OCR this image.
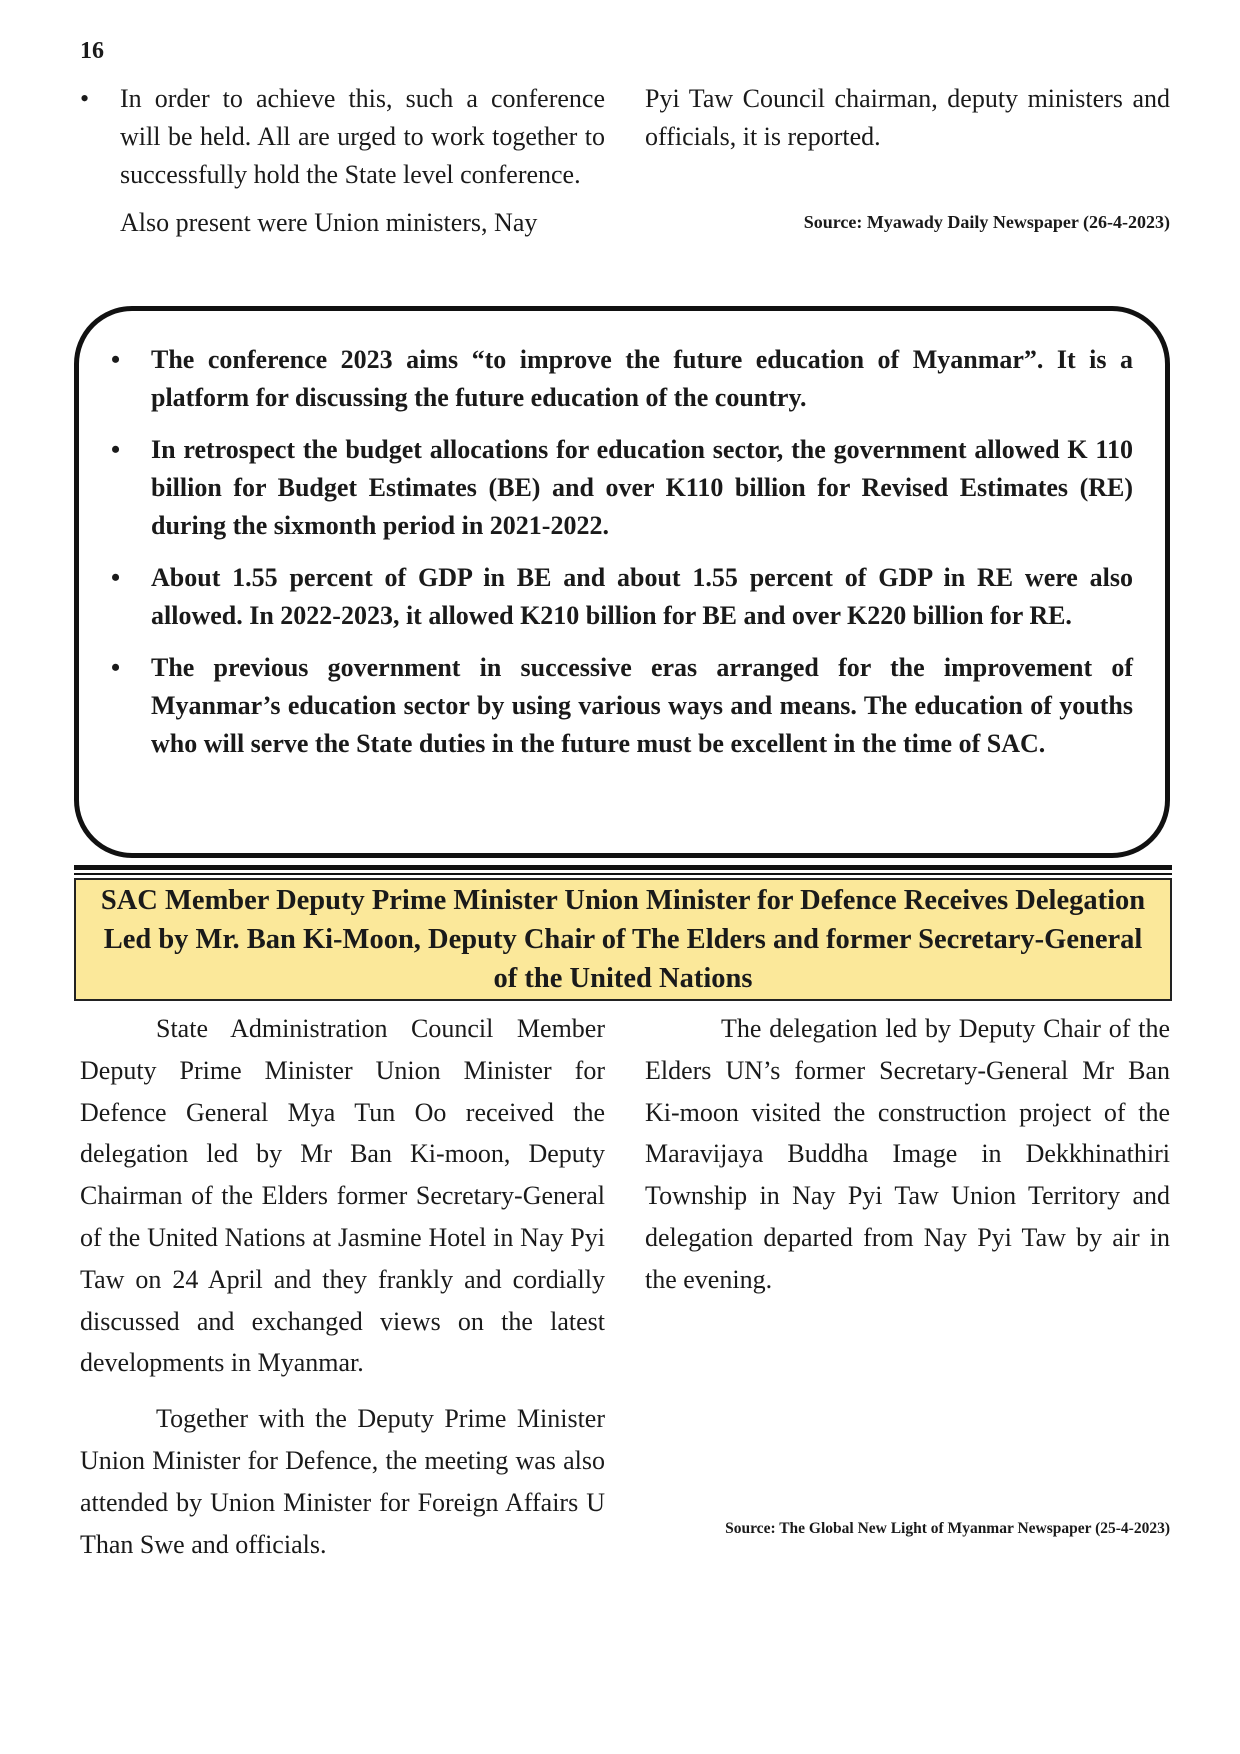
16
• In order to achieve this, such a conference will be held. All are urged to work together to successfully hold the State level conference.

Also present were Union ministers, Nay

Pyi Taw Council chairman, deputy ministers and officials, it is reported.

Source: Myawady Daily Newspaper (26-4-2023)
• The conference 2023 aims “to improve the future education of Myanmar”. It is a platform for discussing the future education of the country.
• In retrospect the budget allocations for education sector, the government allowed K 110 billion for Budget Estimates (BE) and over K110 billion for Revised Estimates (RE) during the sixmonth period in 2021-2022.
• About 1.55 percent of GDP in BE and about 1.55 percent of GDP in RE were also allowed. In 2022-2023, it allowed K210 billion for BE and over K220 billion for RE.
• The previous government in successive eras arranged for the improvement of Myanmar’s education sector by using various ways and means. The education of youths who will serve the State duties in the future must be excellent in the time of SAC.
SAC Member Deputy Prime Minister Union Minister for Defence Receives Delegation Led by Mr. Ban Ki-Moon, Deputy Chair of The Elders and former Secretary-General of the United Nations

State Administration Council Member Deputy Prime Minister Union Minister for Defence General Mya Tun Oo received the delegation led by Mr Ban Ki-moon, Deputy Chairman of the Elders former Secretary-General of the United Nations at Jasmine Hotel in Nay Pyi Taw on 24 April and they frankly and cordially discussed and exchanged views on the latest developments in Myanmar.

Together with the Deputy Prime Minister Union Minister for Defence, the meeting was also attended by Union Minister for Foreign Affairs U Than Swe and officials.

The delegation led by Deputy Chair of the Elders UN’s former Secretary-General Mr Ban Ki-moon visited the construction project of the Maravijaya Buddha Image in Dekkhinathiri Township in Nay Pyi Taw Union Territory and delegation departed from Nay Pyi Taw by air in the evening.

Source: The Global New Light of Myanmar Newspaper (25-4-2023)
